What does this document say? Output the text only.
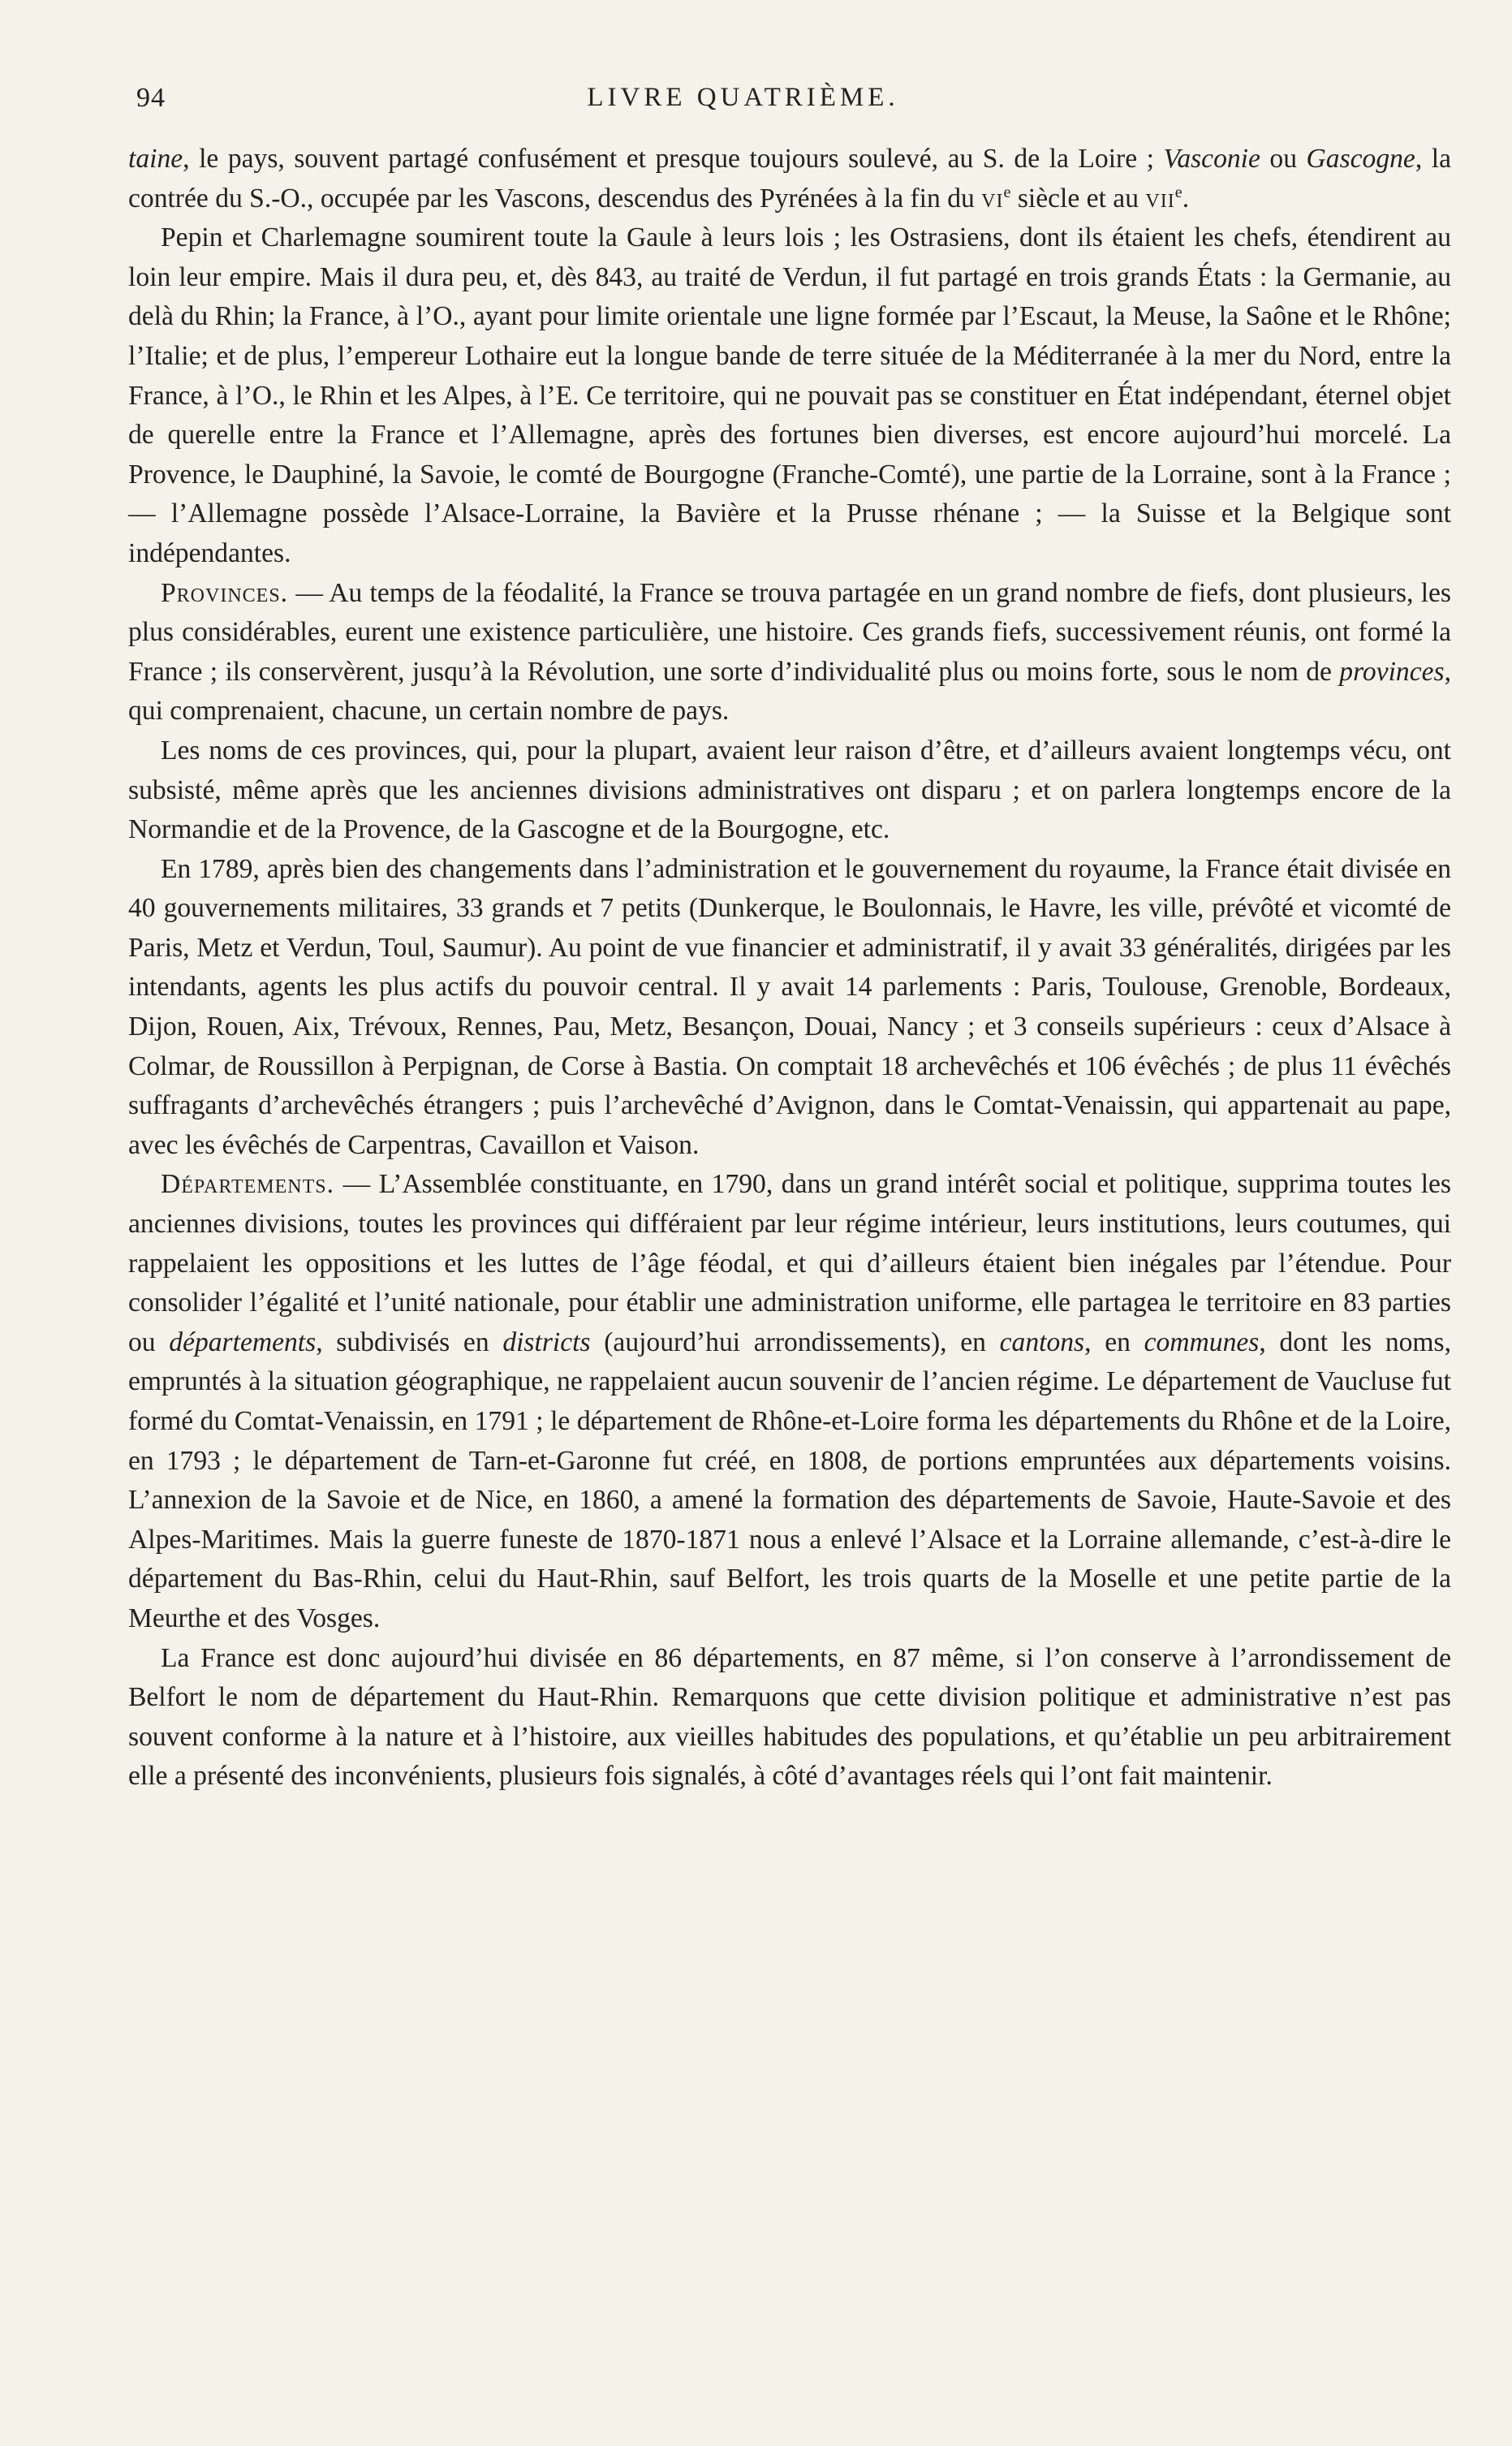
94	LIVRE QUATRIÈME.

taine, le pays, souvent partagé confusément et presque toujours soulevé, au S. de la Loire ; Vasconie ou Gascogne, la contrée du S.-O., occupée par les Vascons, descendus des Pyrénées à la fin du $vi^e$ siècle et au vii$^e$.

Pepin et Charlemagne soumirent toute la Gaule à leurs lois ; les Ostrasiens, dont ils étaient les chefs, étendirent au loin leur empire. Mais il dura peu, et, dès 843, au traité de Verdun, il fut partagé en trois grands États : la Germanie, au delà du Rhin; la France, à l’O., ayant pour limite orientale une ligne formée par l’Escaut, la Meuse, la Saône et le Rhône; l’Italie; et de plus, l’empereur Lothaire eut la longue bande de terre située de la Méditerranée à la mer du Nord, entre la France, à l’O., le Rhin et les Alpes, à l’E. Ce territoire, qui ne pouvait pas se constituer en État indépendant, éternel objet de querelle entre la France et l’Allemagne, après des fortunes bien diverses, est encore aujourd’hui morcelé. La Provence, le Dauphiné, la Savoie, le comté de Bourgogne (Franche-Comté), une partie de la Lorraine, sont à la France ; — l’Allemagne possède l’Alsace-Lorraine, la Bavière et la Prusse rhénane ; — la Suisse et la Belgique sont indépendantes.

Provinces. — Au temps de la féodalité, la France se trouva partagée en un grand nombre de fiefs, dont plusieurs, les plus considérables, eurent une existence particulière, une histoire. Ces grands fiefs, successivement réunis, ont formé la France ; ils conservèrent, jusqu’à la Révolution, une sorte d’individualité plus ou moins forte, sous le nom de provinces, qui comprenaient, chacune, un certain nombre de pays.

Les noms de ces provinces, qui, pour la plupart, avaient leur raison d’être, et d’ailleurs avaient longtemps vécu, ont subsisté, même après que les anciennes divisions administratives ont disparu ; et on parlera longtemps encore de la Normandie et de la Provence, de la Gascogne et de la Bourgogne, etc.

En 1789, après bien des changements dans l’administration et le gouvernement du royaume, la France était divisée en 40 gouvernements militaires, 33 grands et 7 petits (Dunkerque, le Boulonnais, le Havre, les ville, prévôté et vicomté de Paris, Metz et Verdun, Toul, Saumur). Au point de vue financier et administratif, il y avait 33 généralités, dirigées par les intendants, agents les plus actifs du pouvoir central. Il y avait 14 parlements : Paris, Toulouse, Grenoble, Bordeaux, Dijon, Rouen, Aix, Trévoux, Rennes, Pau, Metz, Besançon, Douai, Nancy ; et 3 conseils supérieurs : ceux d’Alsace à Colmar, de Roussillon à Perpignan, de Corse à Bastia. On comptait 18 archevêchés et 106 évêchés ; de plus 11 évêchés suffragants d’archevêchés étrangers ; puis l’archevêché d’Avignon, dans le Comtat-Venaissin, qui appartenait au pape, avec les évêchés de Carpentras, Cavaillon et Vaison.

Départements. — L’Assemblée constituante, en 1790, dans un grand intérêt social et politique, supprima toutes les anciennes divisions, toutes les provinces qui différaient par leur régime intérieur, leurs institutions, leurs coutumes, qui rappelaient les oppositions et les luttes de l’âge féodal, et qui d’ailleurs étaient bien inégales par l’étendue. Pour consolider l’égalité et l’unité nationale, pour établir une administration uniforme, elle partagea le territoire en 83 parties ou départements, subdivisés en districts (aujourd’hui arrondissements), en cantons, en communes, dont les noms, empruntés à la situation géographique, ne rappelaient aucun souvenir de l’ancien régime. Le département de Vaucluse fut formé du Comtat-Venaissin, en 1791 ; le département de Rhône-et-Loire forma les départements du Rhône et de la Loire, en 1793 ; le département de Tarn-et-Garonne fut créé, en 1808, de portions empruntées aux départements voisins. L’annexion de la Savoie et de Nice, en 1860, a amené la formation des départements de Savoie, Haute-Savoie et des Alpes-Maritimes. Mais la guerre funeste de 1870-1871 nous a enlevé l’Alsace et la Lorraine allemande, c’est-à-dire le département du Bas-Rhin, celui du Haut-Rhin, sauf Belfort, les trois quarts de la Moselle et une petite partie de la Meurthe et des Vosges.

La France est donc aujourd’hui divisée en 86 départements, en 87 même, si l’on conserve à l’arrondissement de Belfort le nom de département du Haut-Rhin. Remarquons que cette division politique et administrative n’est pas souvent conforme à la nature et à l’histoire, aux vieilles habitudes des populations, et qu’établie un peu arbitrairement elle a présenté des inconvénients, plusieurs fois signalés, à côté d’avantages réels qui l’ont fait maintenir.
